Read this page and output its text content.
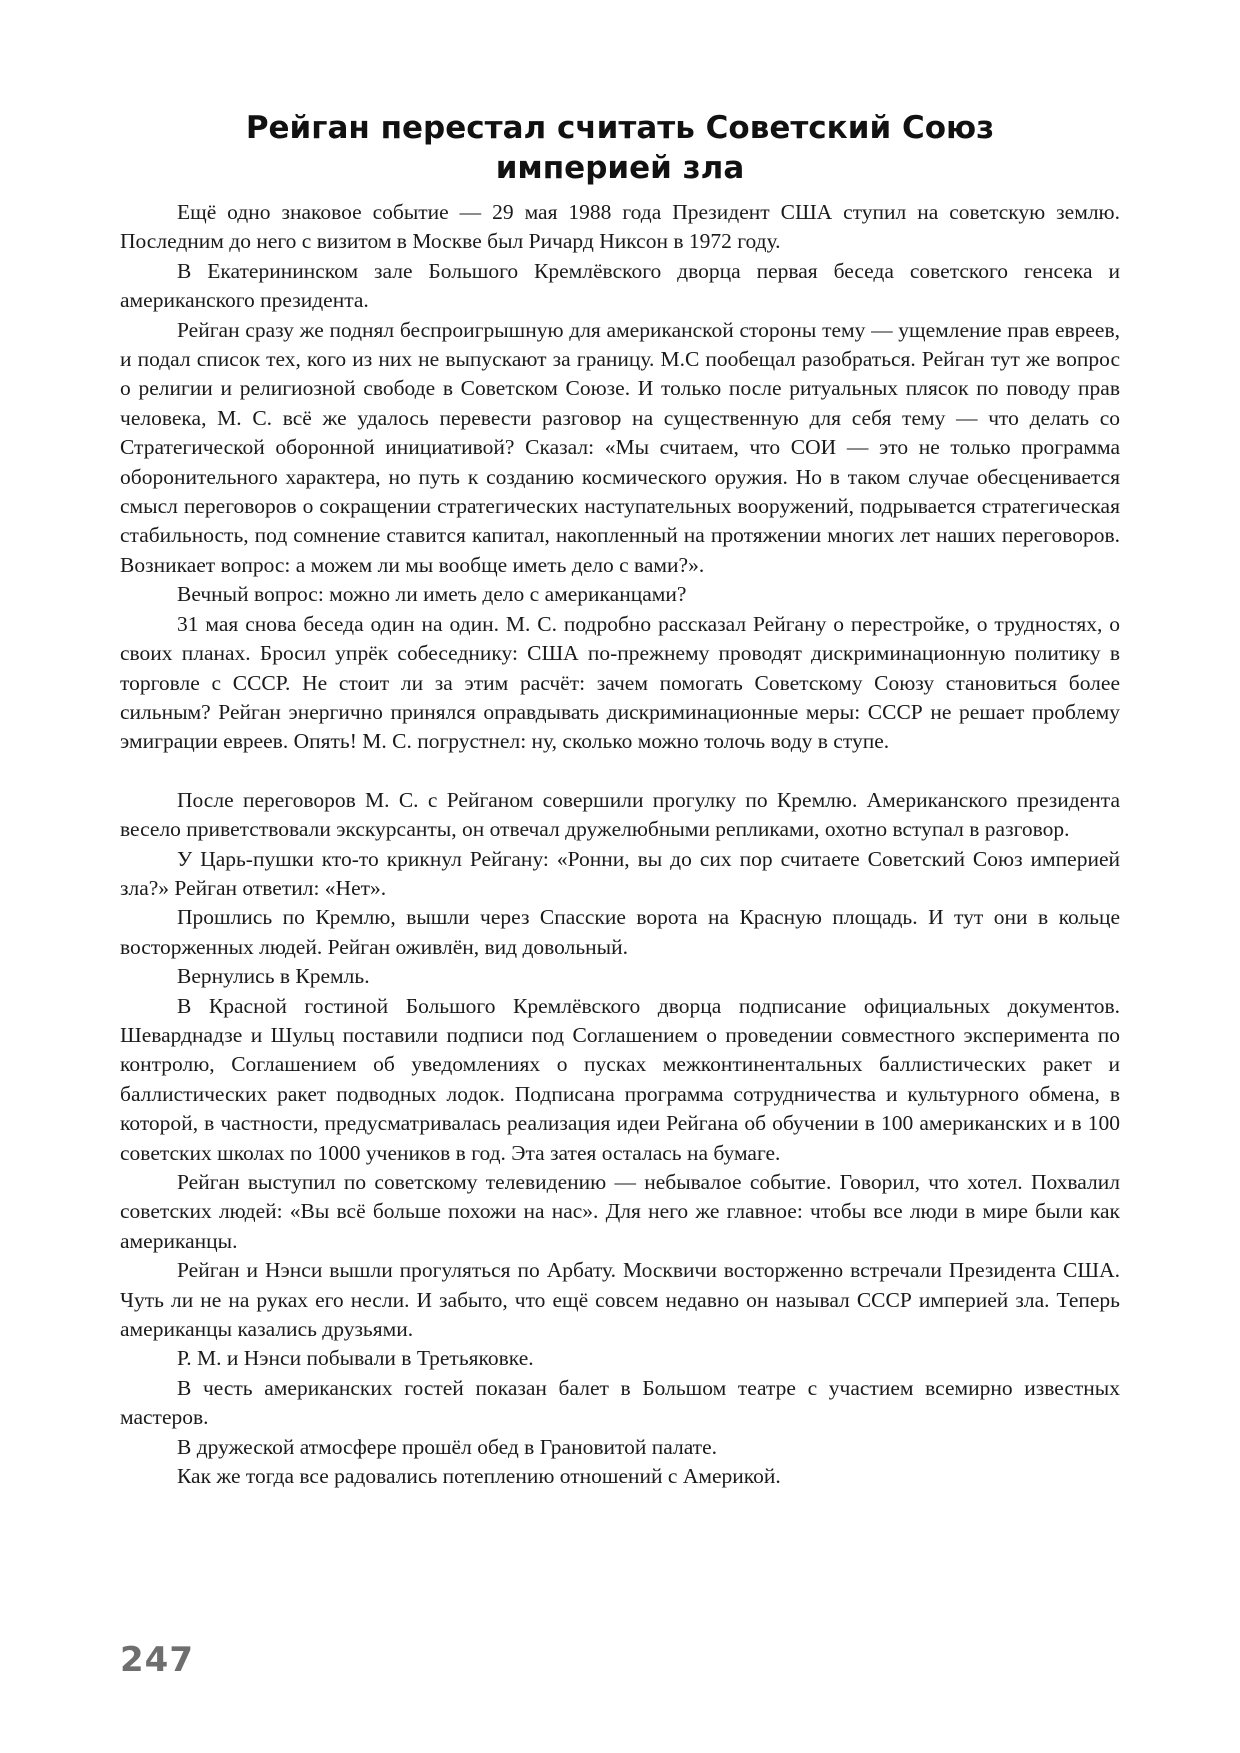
Рейган перестал считать Советский Союз
империей зла

Ещё одно знаковое событие — 29 мая 1988 года Президент США ступил на советскую землю. Последним до него с визитом в Москве был Ричард Никсон в 1972 году.

В Екатерининском зале Большого Кремлёвского дворца первая беседа советского генсека и американского президента.

Рейган сразу же поднял беспроигрышную для американской стороны тему — ущемление прав евреев, и подал список тех, кого из них не выпускают за границу. М.С пообещал разобраться. Рейган тут же вопрос о религии и религиозной свободе в Советском Союзе. И только после ритуальных плясок по поводу прав человека, М. С. всё же удалось перевести разговор на существенную для себя тему — что делать со Стратегической оборонной инициативой? Сказал: «Мы считаем, что СОИ — это не только программа оборонительного характера, но путь к созданию космического оружия. Но в таком случае обесценивается смысл переговоров о сокращении стратегических наступательных вооружений, подрывается стратегическая стабильность, под сомнение ставится капитал, накопленный на протяжении многих лет наших переговоров. Возникает вопрос: а можем ли мы вообще иметь дело с вами?».

Вечный вопрос: можно ли иметь дело с американцами?

31 мая снова беседа один на один. М. С. подробно рассказал Рейгану о перестройке, о трудностях, о своих планах. Бросил упрёк собеседнику: США по-прежнему проводят дискриминационную политику в торговле с СССР. Не стоит ли за этим расчёт: зачем помогать Советскому Союзу становиться более сильным? Рейган энергично принялся оправдывать дискриминационные меры: СССР не решает проблему эмиграции евреев. Опять! М. С. погрустнел: ну, сколько можно толочь воду в ступе.

После переговоров М. С. с Рейганом совершили прогулку по Кремлю. Американского президента весело приветствовали экскурсанты, он отвечал дружелюбными репликами, охотно вступал в разговор.

У Царь-пушки кто-то крикнул Рейгану: «Ронни, вы до сих пор считаете Советский Союз империей зла?» Рейган ответил: «Нет».

Прошлись по Кремлю, вышли через Спасские ворота на Красную площадь. И тут они в кольце восторженных людей. Рейган оживлён, вид довольный.

Вернулись в Кремль.

В Красной гостиной Большого Кремлёвского дворца подписание официальных документов. Шеварднадзе и Шульц поставили подписи под Соглашением о проведении совместного эксперимента по контролю, Соглашением об уведомлениях о пусках межконтинентальных баллистических ракет и баллистических ракет подводных лодок. Подписана программа сотрудничества и культурного обмена, в которой, в частности, предусматривалась реализация идеи Рейгана об обучении в 100 американских и в 100 советских школах по 1000 учеников в год. Эта затея осталась на бумаге.

Рейган выступил по советскому телевидению — небывалое событие. Говорил, что хотел. Похвалил советских людей: «Вы всё больше похожи на нас». Для него же главное: чтобы все люди в мире были как американцы.

Рейган и Нэнси вышли прогуляться по Арбату. Москвичи восторженно встречали Президента США. Чуть ли не на руках его несли. И забыто, что ещё совсем недавно он называл СССР империей зла. Теперь американцы казались друзьями.

Р. М. и Нэнси побывали в Третьяковке.

В честь американских гостей показан балет в Большом театре с участием всемирно известных мастеров.

В дружеской атмосфере прошёл обед в Грановитой палате.

Как же тогда все радовались потеплению отношений с Америкой.

247
